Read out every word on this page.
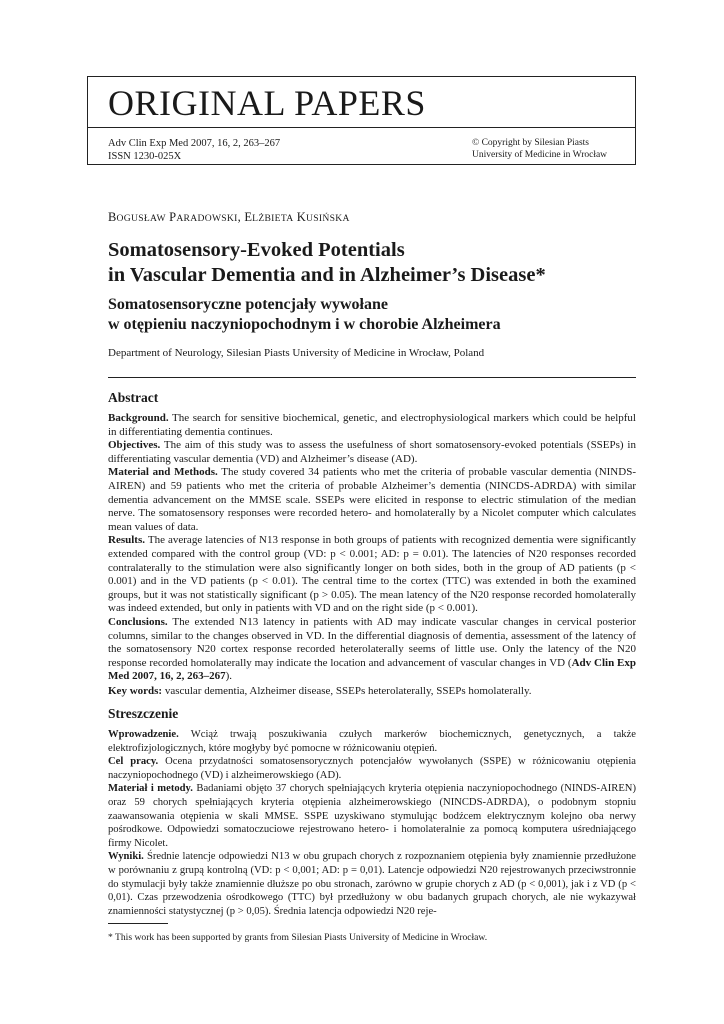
ORIGINAL PAPERS
Adv Clin Exp Med 2007, 16, 2, 263–267
ISSN 1230-025X
© Copyright by Silesian Piasts
University of Medicine in Wrocław
BOGUSŁAW PARADOWSKI, ELŻBIETA KUSIŃSKA
Somatosensory-Evoked Potentials
in Vascular Dementia and in Alzheimer’s Disease*
Somatosensoryczne potencjały wywołane
w otępieniu naczyniopochodnym i w chorobie Alzheimera
Department of Neurology, Silesian Piasts University of Medicine in Wrocław, Poland
Abstract

Background. The search for sensitive biochemical, genetic, and electrophysiological markers which could be helpful in differentiating dementia continues.

Objectives. The aim of this study was to assess the usefulness of short somatosensory-evoked potentials (SSEPs) in differentiating vascular dementia (VD) and Alzheimer’s disease (AD).

Material and Methods. The study covered 34 patients who met the criteria of probable vascular dementia (NINDS-AIREN) and 59 patients who met the criteria of probable Alzheimer’s dementia (NINCDS-ADRDA) with similar dementia advancement on the MMSE scale. SSEPs were elicited in response to electric stimulation of the median nerve. The somatosensory responses were recorded hetero- and homolaterally by a Nicolet computer which calculates mean values of data.

Results. The average latencies of N13 response in both groups of patients with recognized dementia were significantly extended compared with the control group (VD: p < 0.001; AD: p = 0.01). The latencies of N20 responses recorded contralaterally to the stimulation were also significantly longer on both sides, both in the group of AD patients (p < 0.001) and in the VD patients (p < 0.01). The central time to the cortex (TTC) was extended in both the examined groups, but it was not statistically significant (p > 0.05). The mean latency of the N20 response recorded homolaterally was indeed extended, but only in patients with VD and on the right side (p < 0.001).

Conclusions. The extended N13 latency in patients with AD may indicate vascular changes in cervical posterior columns, similar to the changes observed in VD. In the differential diagnosis of dementia, assessment of the latency of the somatosensory N20 cortex response recorded heterolaterally seems of little use. Only the latency of the N20 response recorded homolaterally may indicate the location and advancement of vascular changes in VD (Adv Clin Exp Med 2007, 16, 2, 263–267).

Key words: vascular dementia, Alzheimer disease, SSEPs heterolaterally, SSEPs homolaterally.
Streszczenie

Wprowadzenie. Wciąż trwają poszukiwania czułych markerów biochemicznych, genetycznych, a także elektrofizjologicznych, które mogłyby być pomocne w różnicowaniu otępień.

Cel pracy. Ocena przydatności somatosensorycznych potencjałów wywołanych (SSPE) w różnicowaniu otępienia naczyniopochodnego (VD) i alzheimerowskiego (AD).

Materiał i metody. Badaniami objęto 37 chorych spełniających kryteria otępienia naczyniopochodnego (NINDS-AIREN) oraz 59 chorych spełniających kryteria otępienia alzheimerowskiego (NINCDS-ADRDA), o podobnym stopniu zaawansowania otępienia w skali MMSE. SSPE uzyskiwano stymulując bodźcem elektrycznym kolejno oba nerwy pośrodkowe. Odpowiedzi somatoczuciowe rejestrowano hetero- i homolateralnie za pomocą komputera uśredniającego firmy Nicolet.

Wyniki. Średnie latencje odpowiedzi N13 w obu grupach chorych z rozpoznaniem otępienia były znamiennie przedłużone w porównaniu z grupą kontrolną (VD: p < 0,001; AD: p = 0,01). Latencje odpowiedzi N20 rejestrowanych przeciwstronnie do stymulacji były także znamiennie dłuższe po obu stronach, zarówno w grupie chorych z AD (p < 0,001), jak i z VD (p < 0,01). Czas przewodzenia ośrodkowego (TTC) był przedłużony w obu badanych grupach chorych, ale nie wykazywał znamienności statystycznej (p > 0,05). Średnia latencja odpowiedzi N20 reje-

* This work has been supported by grants from Silesian Piasts University of Medicine in Wrocław.
